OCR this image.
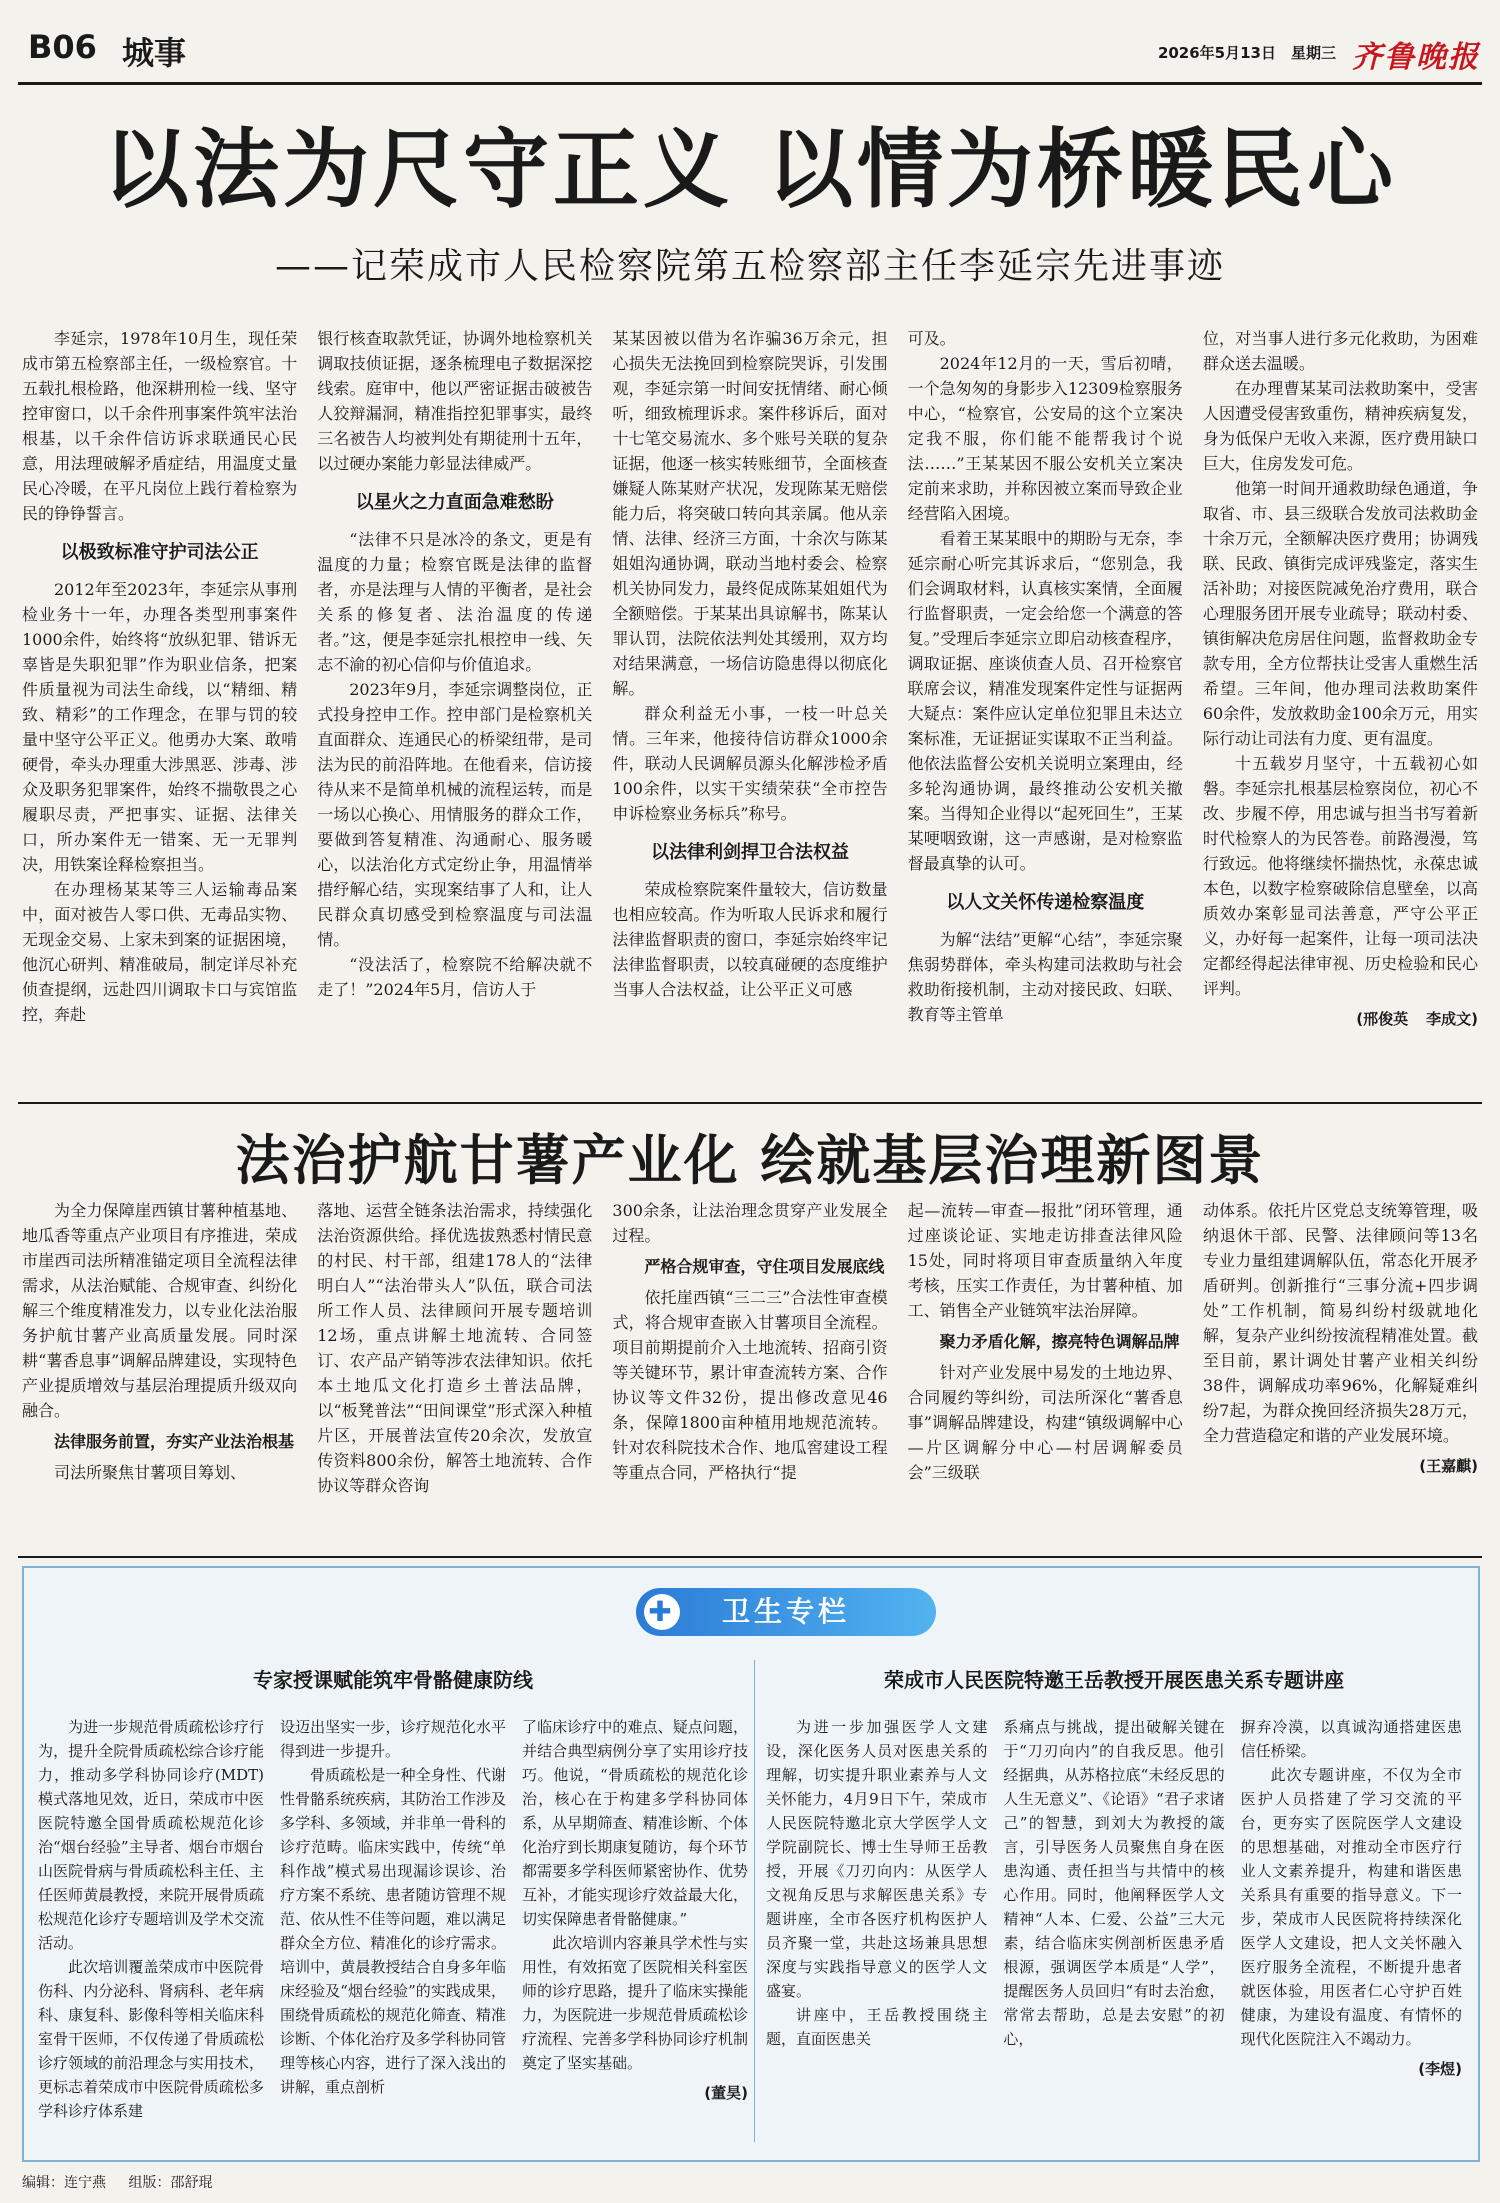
B06 城事	2026年5月13日　星期三 齐鲁晚报
以法为尺守正义 以情为桥暖民心
——记荣成市人民检察院第五检察部主任李延宗先进事迹

李延宗，1978年10月生，现任荣成市第五检察部主任，一级检察官。十五载扎根检路，他深耕刑检一线、坚守控审窗口，以千余件刑事案件筑牢法治根基，以千余件信访诉求联通民心民意，用法理破解矛盾症结，用温度丈量民心冷暖，在平凡岗位上践行着检察为民的铮铮誓言。

以极致标准守护司法公正

2012年至2023年，李延宗从事刑检业务十一年，办理各类型刑事案件1000余件，始终将“放纵犯罪、错诉无辜皆是失职犯罪”作为职业信条，把案件质量视为司法生命线，以“精细、精致、精彩”的工作理念，在罪与罚的较量中坚守公平正义。他勇办大案、敢啃硬骨，牵头办理重大涉黑恶、涉毒、涉众及职务犯罪案件，始终不揣敬畏之心履职尽责，严把事实、证据、法律关口，所办案件无一错案、无一无罪判决，用铁案诠释检察担当。

在办理杨某某等三人运输毒品案中，面对被告人零口供、无毒品实物、无现金交易、上家未到案的证据困境，他沉心研判、精准破局，制定详尽补充侦查提纲，远赴四川调取卡口与宾馆监控，奔赴

银行核查取款凭证，协调外地检察机关调取技侦证据，逐条梳理电子数据深挖线索。庭审中，他以严密证据击破被告人狡辩漏洞，精准指控犯罪事实，最终三名被告人均被判处有期徒刑十五年，以过硬办案能力彰显法律威严。

以星火之力直面急难愁盼

“法律不只是冰冷的条文，更是有温度的力量；检察官既是法律的监督者，亦是法理与人情的平衡者，是社会关系的修复者、法治温度的传递者。”这，便是李延宗扎根控申一线、矢志不渝的初心信仰与价值追求。

2023年9月，李延宗调整岗位，正式投身控申工作。控申部门是检察机关直面群众、连通民心的桥梁纽带，是司法为民的前沿阵地。在他看来，信访接待从来不是简单机械的流程运转，而是一场以心换心、用情服务的群众工作，要做到答复精准、沟通耐心、服务暖心，以法治化方式定纷止争，用温情举措纾解心结，实现案结事了人和，让人民群众真切感受到检察温度与司法温情。

“没法活了，检察院不给解决就不走了！”2024年5月，信访人于

某某因被以借为名诈骗36万余元，担心损失无法挽回到检察院哭诉，引发围观，李延宗第一时间安抚情绪、耐心倾听，细致梳理诉求。案件移诉后，面对十七笔交易流水、多个账号关联的复杂证据，他逐一核实转账细节，全面核查嫌疑人陈某财产状况，发现陈某无赔偿能力后，将突破口转向其亲属。他从亲情、法律、经济三方面，十余次与陈某姐姐沟通协调，联动当地村委会、检察机关协同发力，最终促成陈某姐姐代为全额赔偿。于某某出具谅解书，陈某认罪认罚，法院依法判处其缓刑，双方均对结果满意，一场信访隐患得以彻底化解。

群众利益无小事，一枝一叶总关情。三年来，他接待信访群众1000余件，联动人民调解员源头化解涉检矛盾100余件，以实干实绩荣获“全市控告申诉检察业务标兵”称号。

以法律利剑捍卫合法权益

荣成检察院案件量较大，信访数量也相应较高。作为听取人民诉求和履行法律监督职责的窗口，李延宗始终牢记法律监督职责，以较真碰硬的态度维护当事人合法权益，让公平正义可感

可及。

2024年12月的一天，雪后初晴，一个急匆匆的身影步入12309检察服务中心，“检察官，公安局的这个立案决定我不服，你们能不能帮我讨个说法……”王某某因不服公安机关立案决定前来求助，并称因被立案而导致企业经营陷入困境。

看着王某某眼中的期盼与无奈，李延宗耐心听完其诉求后，“您别急，我们会调取材料，认真核实案情，全面履行监督职责，一定会给您一个满意的答复。”受理后李延宗立即启动核查程序，调取证据、座谈侦查人员、召开检察官联席会议，精准发现案件定性与证据两大疑点：案件应认定单位犯罪且未达立案标准，无证据证实谋取不正当利益。他依法监督公安机关说明立案理由，经多轮沟通协调，最终推动公安机关撤案。当得知企业得以“起死回生”，王某某哽咽致谢，这一声感谢，是对检察监督最真挚的认可。

以人文关怀传递检察温度

为解“法结”更解“心结”，李延宗聚焦弱势群体，牵头构建司法救助与社会救助衔接机制，主动对接民政、妇联、教育等主管单

位，对当事人进行多元化救助，为困难群众送去温暖。

在办理曹某某司法救助案中，受害人因遭受侵害致重伤，精神疾病复发，身为低保户无收入来源，医疗费用缺口巨大，住房发发可危。

他第一时间开通救助绿色通道，争取省、市、县三级联合发放司法救助金十余万元，全额解决医疗费用；协调残联、民政、镇街完成评残鉴定，落实生活补助；对接医院减免治疗费用，联合心理服务团开展专业疏导；联动村委、镇街解决危房居住问题，监督救助金专款专用，全方位帮扶让受害人重燃生活希望。三年间，他办理司法救助案件60余件，发放救助金100余万元，用实际行动让司法有力度、更有温度。

十五载岁月坚守，十五载初心如磐。李延宗扎根基层检察岗位，初心不改、步履不停，用忠诚与担当书写着新时代检察人的为民答卷。前路漫漫，笃行致远。他将继续怀揣热忱，永葆忠诚本色，以数字检察破除信息壁垒，以高质效办案彰显司法善意，严守公平正义，办好每一起案件，让每一项司法决定都经得起法律审视、历史检验和民心评判。

(邢俊英 李成文)
法治护航甘薯产业化 绘就基层治理新图景

为全力保障崖西镇甘薯种植基地、地瓜香等重点产业项目有序推进，荣成市崖西司法所精准锚定项目全流程法律需求，从法治赋能、合规审查、纠纷化解三个维度精准发力，以专业化法治服务护航甘薯产业高质量发展。同时深耕“薯香息事”调解品牌建设，实现特色产业提质增效与基层治理提质升级双向融合。

法律服务前置，夯实产业法治根基

司法所聚焦甘薯项目筹划、

落地、运营全链条法治需求，持续强化法治资源供给。择优选拔熟悉村情民意的村民、村干部，组建178人的“法律明白人”“法治带头人”队伍，联合司法所工作人员、法律顾问开展专题培训12场，重点讲解土地流转、合同签订、农产品产销等涉农法律知识。依托本土地瓜文化打造乡土普法品牌，以“板凳普法”“田间课堂”形式深入种植片区，开展普法宣传20余次，发放宣传资料800余份，解答土地流转、合作协议等群众咨询

300余条，让法治理念贯穿产业发展全过程。

严格合规审查，守住项目发展底线

依托崖西镇“三二三”合法性审查模式，将合规审查嵌入甘薯项目全流程。项目前期提前介入土地流转、招商引资等关键环节，累计审查流转方案、合作协议等文件32份，提出修改意见46条，保障1800亩种植用地规范流转。针对农科院技术合作、地瓜窖建设工程等重点合同，严格执行“提

起—流转—审查—报批”闭环管理，通过座谈论证、实地走访排查法律风险15处，同时将项目审查质量纳入年度考核，压实工作责任，为甘薯种植、加工、销售全产业链筑牢法治屏障。

聚力矛盾化解，擦亮特色调解品牌

针对产业发展中易发的土地边界、合同履约等纠纷，司法所深化“薯香息事”调解品牌建设，构建“镇级调解中心—片区调解分中心—村居调解委员会”三级联

动体系。依托片区党总支统筹管理，吸纳退休干部、民警、法律顾问等13名专业力量组建调解队伍，常态化开展矛盾研判。创新推行“三事分流+四步调处”工作机制，简易纠纷村级就地化解，复杂产业纠纷按流程精准处置。截至目前，累计调处甘薯产业相关纠纷38件，调解成功率96%，化解疑难纠纷7起，为群众挽回经济损失28万元，全力营造稳定和谐的产业发展环境。

(王嘉麒)
✚ 卫生专栏
专家授课赋能筑牢骨骼健康防线

为进一步规范骨质疏松诊疗行为，提升全院骨质疏松综合诊疗能力，推动多学科协同诊疗(MDT)模式落地见效，近日，荣成市中医医院特邀全国骨质疏松规范化诊治“烟台经验”主导者、烟台市烟台山医院骨病与骨质疏松科主任、主任医师黄晨教授，来院开展骨质疏松规范化诊疗专题培训及学术交流活动。

此次培训覆盖荣成市中医院骨伤科、内分泌科、肾病科、老年病科、康复科、影像科等相关临床科室骨干医师，不仅传递了骨质疏松诊疗领域的前沿理念与实用技术，更标志着荣成市中医院骨质疏松多学科诊疗体系建

设迈出坚实一步，诊疗规范化水平得到进一步提升。

骨质疏松是一种全身性、代谢性骨骼系统疾病，其防治工作涉及多学科、多领域，并非单一骨科的诊疗范畴。临床实践中，传统“单科作战”模式易出现漏诊误诊、治疗方案不系统、患者随访管理不规范、依从性不佳等问题，难以满足群众全方位、精准化的诊疗需求。培训中，黄晨教授结合自身多年临床经验及“烟台经验”的实践成果，围绕骨质疏松的规范化筛查、精准诊断、个体化治疗及多学科协同管理等核心内容，进行了深入浅出的讲解，重点剖析

了临床诊疗中的难点、疑点问题，并结合典型病例分享了实用诊疗技巧。他说，“骨质疏松的规范化诊治，核心在于构建多学科协同体系，从早期筛查、精准诊断、个体化治疗到长期康复随访，每个环节都需要多学科医师紧密协作、优势互补，才能实现诊疗效益最大化，切实保障患者骨骼健康。”

此次培训内容兼具学术性与实用性，有效拓宽了医院相关科室医师的诊疗思路，提升了临床实操能力，为医院进一步规范骨质疏松诊疗流程、完善多学科协同诊疗机制奠定了坚实基础。

(董昊)
荣成市人民医院特邀王岳教授开展医患关系专题讲座

为进一步加强医学人文建设，深化医务人员对医患关系的理解，切实提升职业素养与人文关怀能力，4月9日下午，荣成市人民医院特邀北京大学医学人文学院副院长、博士生导师王岳教授，开展《刀刃向内：从医学人文视角反思与求解医患关系》专题讲座，全市各医疗机构医护人员齐聚一堂，共赴这场兼具思想深度与实践指导意义的医学人文盛宴。

讲座中，王岳教授围绕主题，直面医患关

系痛点与挑战，提出破解关键在于“刀刃向内”的自我反思。他引经据典，从苏格拉底“未经反思的人生无意义”、《论语》“君子求诸己”的智慧，到刘大为教授的箴言，引导医务人员聚焦自身在医患沟通、责任担当与共情中的核心作用。同时，他阐释医学人文精神“人本、仁爱、公益”三大元素，结合临床实例剖析医患矛盾根源，强调医学本质是“人学”，提醒医务人员回归“有时去治愈，常常去帮助，总是去安慰”的初心，

摒弃冷漠，以真诚沟通搭建医患信任桥梁。

此次专题讲座，不仅为全市医护人员搭建了学习交流的平台，更夯实了医院医学人文建设的思想基础，对推动全市医疗行业人文素养提升，构建和谐医患关系具有重要的指导意义。下一步，荣成市人民医院将持续深化医学人文建设，把人文关怀融入医疗服务全流程，不断提升患者就医体验，用医者仁心守护百姓健康，为建设有温度、有情怀的现代化医院注入不竭动力。

(李煜)
编辑：连宁燕 组版：邵舒琨
